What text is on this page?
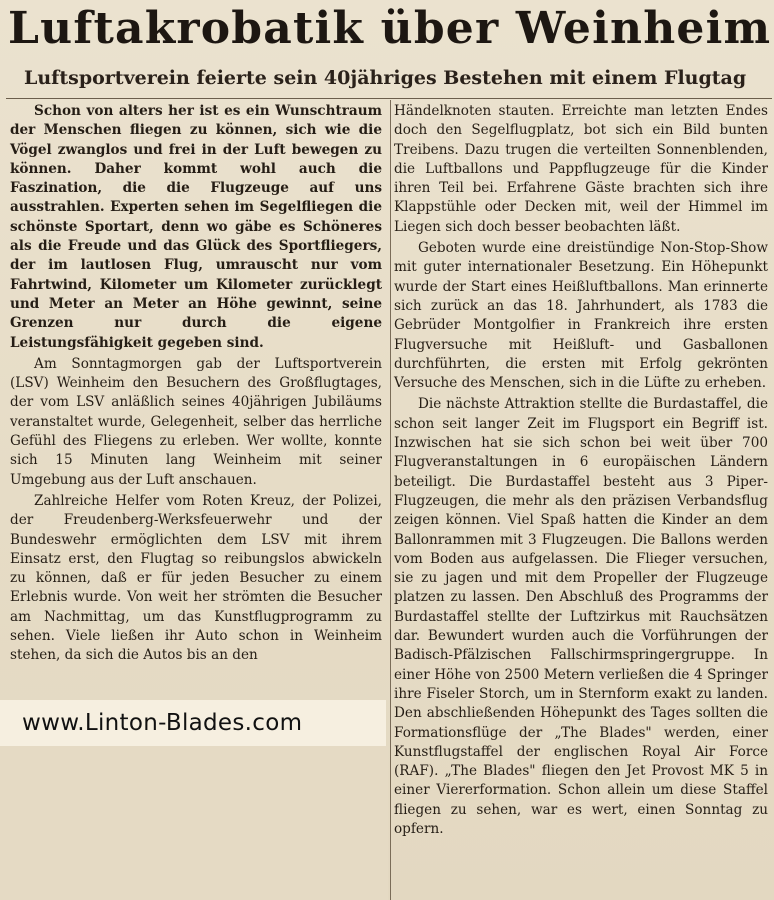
Luftakrobatik über Weinheim
Luftsportverein feierte sein 40jähriges Bestehen mit einem Flugtag

Schon von alters her ist es ein Wunschtraum der Menschen fliegen zu können, sich wie die Vögel zwanglos und frei in der Luft bewegen zu können. Daher kommt wohl auch die Faszination, die die Flugzeuge auf uns ausstrahlen. Experten sehen im Segelfliegen die schönste Sportart, denn wo gäbe es Schöneres als die Freude und das Glück des Sportfliegers, der im lautlosen Flug, umrauscht nur vom Fahrtwind, Kilometer um Kilometer zurücklegt und Meter an Meter an Höhe gewinnt, seine Grenzen nur durch die eigene Leistungsfähigkeit gegeben sind.

Am Sonntagmorgen gab der Luftsportverein (LSV) Weinheim den Besuchern des Großflugtages, der vom LSV anläßlich seines 40jährigen Jubiläums veranstaltet wurde, Gelegenheit, selber das herrliche Gefühl des Fliegens zu erleben. Wer wollte, konnte sich 15 Minuten lang Weinheim mit seiner Umgebung aus der Luft anschauen.

Zahlreiche Helfer vom Roten Kreuz, der Polizei, der Freudenberg-Werksfeuerwehr und der Bundeswehr ermöglichten dem LSV mit ihrem Einsatz erst, den Flugtag so reibungslos abwickeln zu können, daß er für jeden Besucher zu einem Erlebnis wurde. Von weit her strömten die Besucher am Nachmittag, um das Kunstflugprogramm zu sehen. Viele ließen ihr Auto schon in Weinheim stehen, da sich die Autos bis an den

Händelknoten stauten. Erreichte man letzten Endes doch den Segelflugplatz, bot sich ein Bild bunten Treibens. Dazu trugen die verteilten Sonnenblenden, die Luftballons und Pappflugzeuge für die Kinder ihren Teil bei. Erfahrene Gäste brachten sich ihre Klappstühle oder Decken mit, weil der Himmel im Liegen sich doch besser beobachten läßt.

Geboten wurde eine dreistündige Non-Stop-Show mit guter internationaler Besetzung. Ein Höhepunkt wurde der Start eines Heißluftballons. Man erinnerte sich zurück an das 18. Jahrhundert, als 1783 die Gebrüder Montgolfier in Frankreich ihre ersten Flugversuche mit Heißluft- und Gasballonen durchführten, die ersten mit Erfolg gekrönten Versuche des Menschen, sich in die Lüfte zu erheben.

Die nächste Attraktion stellte die Burdastaffel, die schon seit langer Zeit im Flugsport ein Begriff ist. Inzwischen hat sie sich schon bei weit über 700 Flugveranstaltungen in 6 europäischen Ländern beteiligt. Die Burdastaffel besteht aus 3 Piper-Flugzeugen, die mehr als den präzisen Verbandsflug zeigen können. Viel Spaß hatten die Kinder an dem Ballonrammen mit 3 Flugzeugen. Die Ballons werden vom Boden aus aufgelassen. Die Flieger versuchen, sie zu jagen und mit dem Propeller der Flugzeuge platzen zu lassen. Den Abschluß des Programms der Burdastaffel stellte der Luftzirkus mit Rauchsätzen dar. Bewundert wurden auch die Vorführungen der Badisch-Pfälzischen Fallschirmspringergruppe. In einer Höhe von 2500 Metern verließen die 4 Springer ihre Fiseler Storch, um in Sternform exakt zu landen. Den abschließenden Höhepunkt des Tages sollten die Formationsflüge der „The Blades" werden, einer Kunstflugstaffel der englischen Royal Air Force (RAF). „The Blades" fliegen den Jet Provost MK 5 in einer Viererformation. Schon allein um diese Staffel fliegen zu sehen, war es wert, einen Sonntag zu opfern.

www.Linton-Blades.com
